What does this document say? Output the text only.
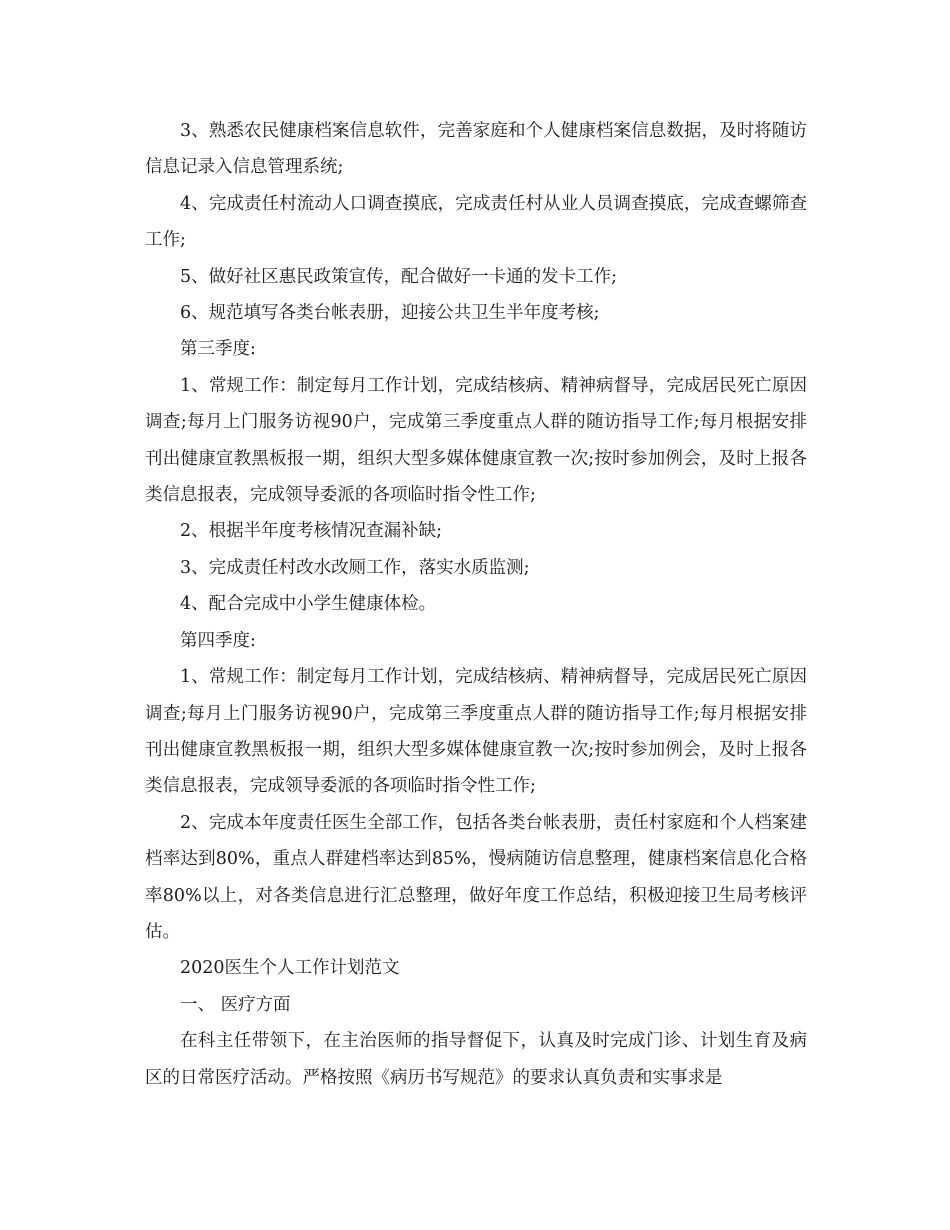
3、熟悉农民健康档案信息软件，完善家庭和个人健康档案信息数据，及时将随访信息记录入信息管理系统;

4、完成责任村流动人口调查摸底，完成责任村从业人员调查摸底，完成查螺筛查工作;

5、做好社区惠民政策宣传，配合做好一卡通的发卡工作;

6、规范填写各类台帐表册，迎接公共卫生半年度考核;

第三季度:

1、常规工作：制定每月工作计划，完成结核病、精神病督导，完成居民死亡原因调查;每月上门服务访视90户，完成第三季度重点人群的随访指导工作;每月根据安排刊出健康宣教黑板报一期，组织大型多媒体健康宣教一次;按时参加例会，及时上报各类信息报表，完成领导委派的各项临时指令性工作;

2、根据半年度考核情况查漏补缺;

3、完成责任村改水改厕工作，落实水质监测;

4、配合完成中小学生健康体检。

第四季度:

1、常规工作：制定每月工作计划，完成结核病、精神病督导，完成居民死亡原因调查;每月上门服务访视90户，完成第三季度重点人群的随访指导工作;每月根据安排刊出健康宣教黑板报一期，组织大型多媒体健康宣教一次;按时参加例会，及时上报各类信息报表，完成领导委派的各项临时指令性工作;

2、完成本年度责任医生全部工作，包括各类台帐表册，责任村家庭和个人档案建档率达到80%，重点人群建档率达到85%，慢病随访信息整理，健康档案信息化合格率80%以上，对各类信息进行汇总整理，做好年度工作总结，积极迎接卫生局考核评估。

2020医生个人工作计划范文

一、 医疗方面

在科主任带领下，在主治医师的指导督促下，认真及时完成门诊、计划生育及病区的日常医疗活动。严格按照《病历书写规范》的要求认真负责和实事求是
